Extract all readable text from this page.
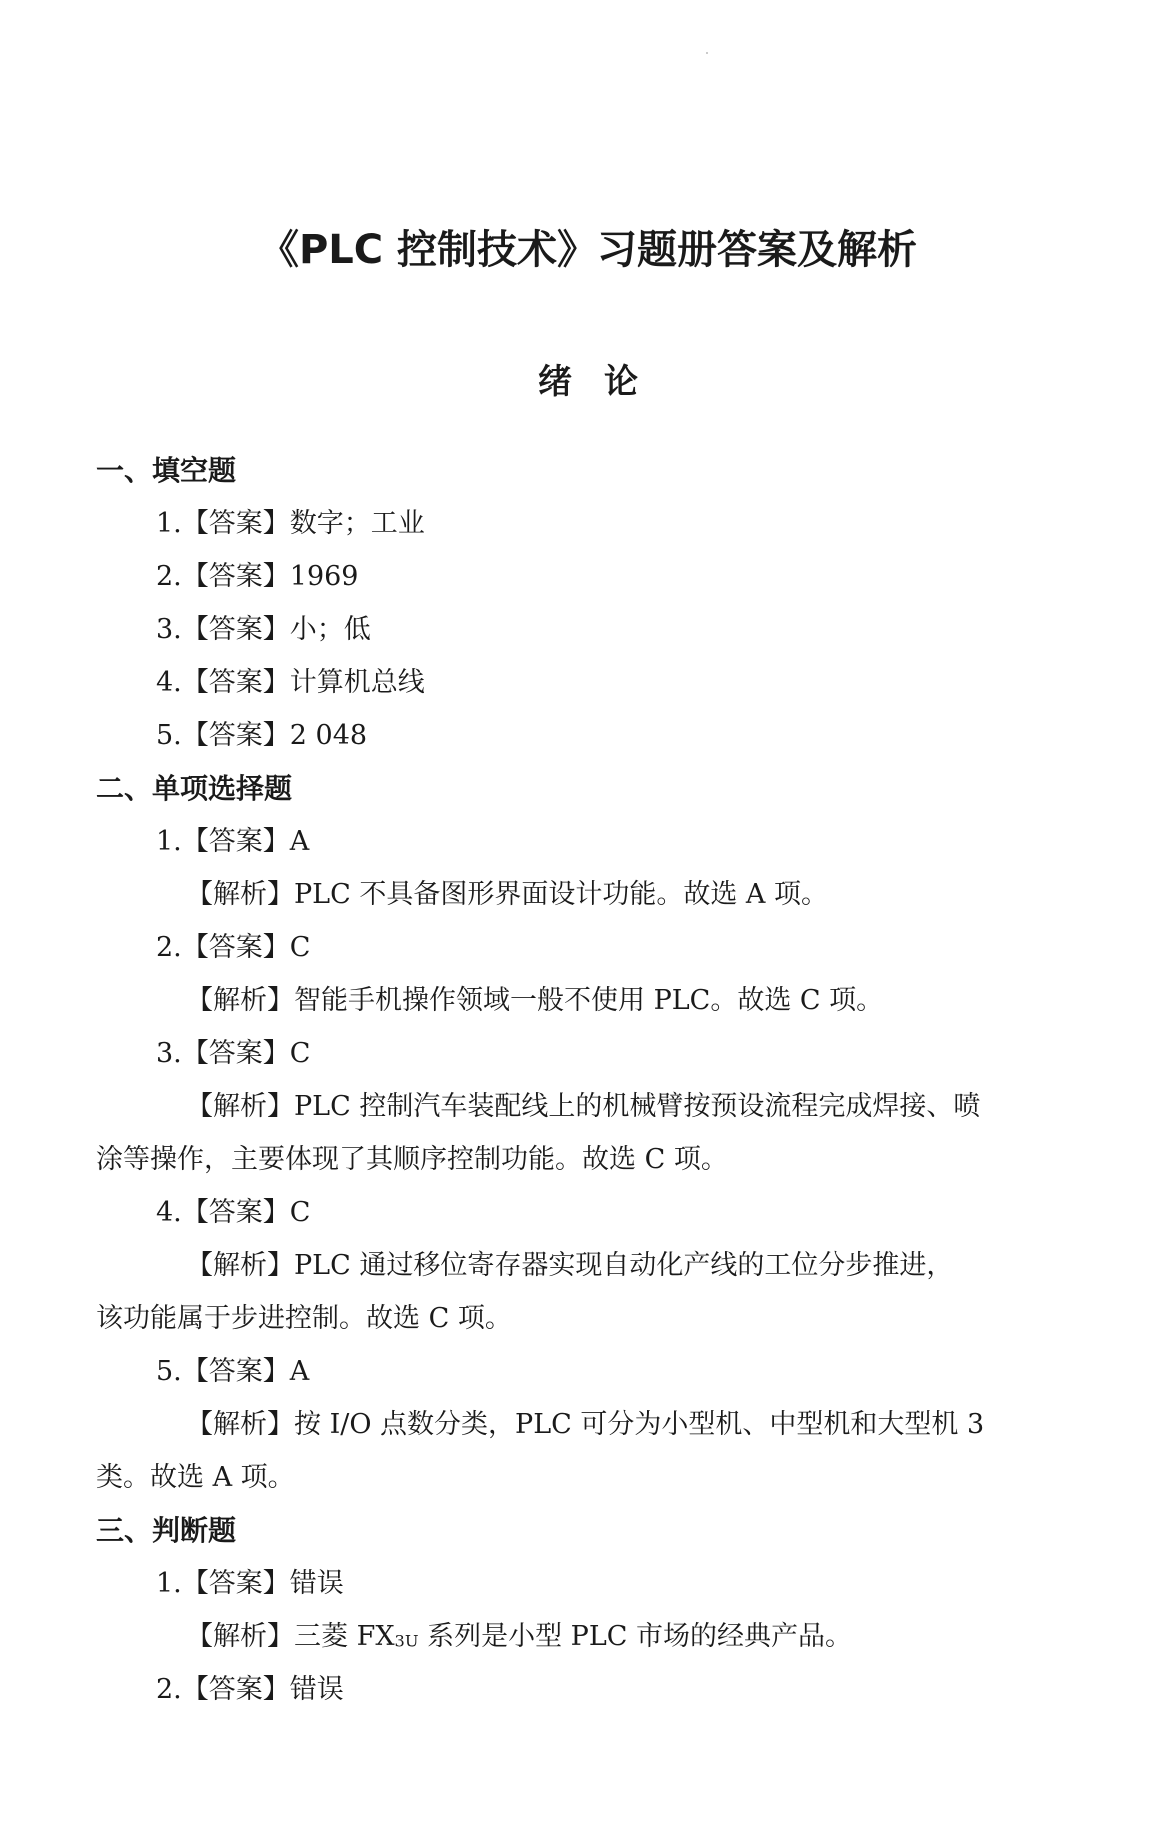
《PLC 控制技术》习题册答案及解析
绪论
一、填空题
1.【答案】数字；工业
2.【答案】1969
3.【答案】小；低
4.【答案】计算机总线
5.【答案】2 048
二、单项选择题
1.【答案】A
【解析】PLC 不具备图形界面设计功能。故选 A 项。
2.【答案】C
【解析】智能手机操作领域一般不使用 PLC。故选 C 项。
3.【答案】C
【解析】PLC 控制汽车装配线上的机械臂按预设流程完成焊接、喷
涂等操作，主要体现了其顺序控制功能。故选 C 项。
4.【答案】C
【解析】PLC 通过移位寄存器实现自动化产线的工位分步推进，
该功能属于步进控制。故选 C 项。
5.【答案】A
【解析】按 I/O 点数分类，PLC 可分为小型机、中型机和大型机 3
类。故选 A 项。
三、判断题
1.【答案】错误
【解析】三菱 $FX_{3U}$ 系列是小型 PLC 市场的经典产品。
2.【答案】错误
